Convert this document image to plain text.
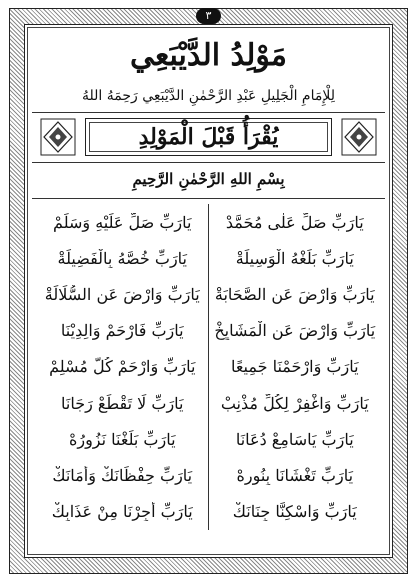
٣
مَوْلِدُ الدَّيْبَعِي
لِلْإِمَامِ الْجَلِيلِ عَبْدِ الرَّحْمٰنِ الدَّيْبَعِي رَحِمَهُ اللهُ
يُقْرَأُ قَبْلَ الْمَوْلِدِ
بِسْمِ اللهِ الرَّحْمٰنِ الرَّحِيمِ
يَارَبِّ صَلِّ عَلٰى مُحَمَّدْ
يَارَبِّ صَلِّ عَلَيْهِ وَسَلِّمْ
يَارَبِّ بَلِّغْهُ الْوَسِيلَةْ
يَارَبِّ خُصَّهُ بِالْفَضِيلَةْ
يَارَبِّ وَارْضَ عَنِ الصَّحَابَةْ
يَارَبِّ وَارْضَ عَنِ السُّلَالَةْ
يَارَبِّ وَارْضَ عَنِ الْمَشَايِخْ
يَارَبِّ فَارْحَمْ وَالِدِيْنَا
يَارَبِّ وَارْحَمْنَا جَمِيعًا
يَارَبِّ وَارْحَمْ كُلَّ مُسْلِمْ
يَارَبِّ وَاغْفِرْ لِكُلِّ مُذْنِبْ
يَارَبِّ لَا تَقْطَعْ رَجَانَا
يَارَبِّ يَاسَامِعْ دُعَانَا
يَارَبِّ بَلِّغْنَا نَزُورُهْ
يَارَبِّ تَغْشَانَا بِنُورِهْ
يَارَبِّ حِفْظَانَكْ وَأَمَانَكْ
يَارَبِّ وَاسْكِنَّا جِنَانَكْ
يَارَبِّ أَجِرْنَا مِنْ عَذَابِكْ
